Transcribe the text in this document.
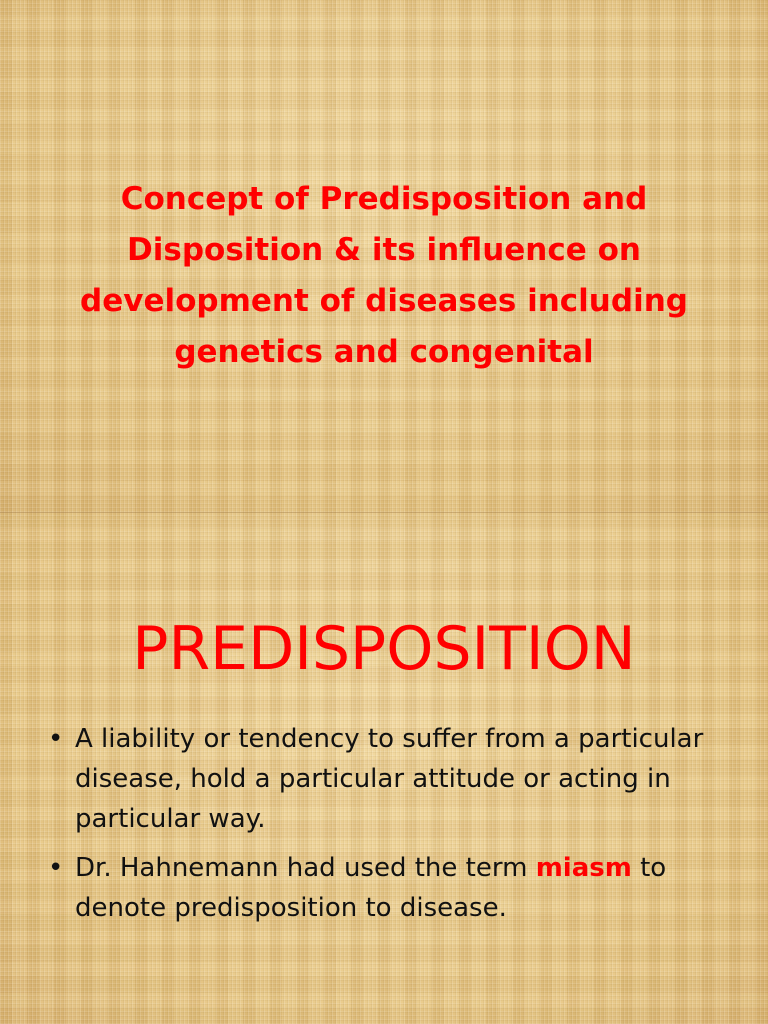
Concept of Predisposition and
Disposition & its influence on
development of diseases including
genetics and congenital
PREDISPOSITION
• A liability or tendency to suffer from a particular disease, hold a particular attitude or acting in particular way.
• Dr. Hahnemann had used the term miasm to denote predisposition to disease.
